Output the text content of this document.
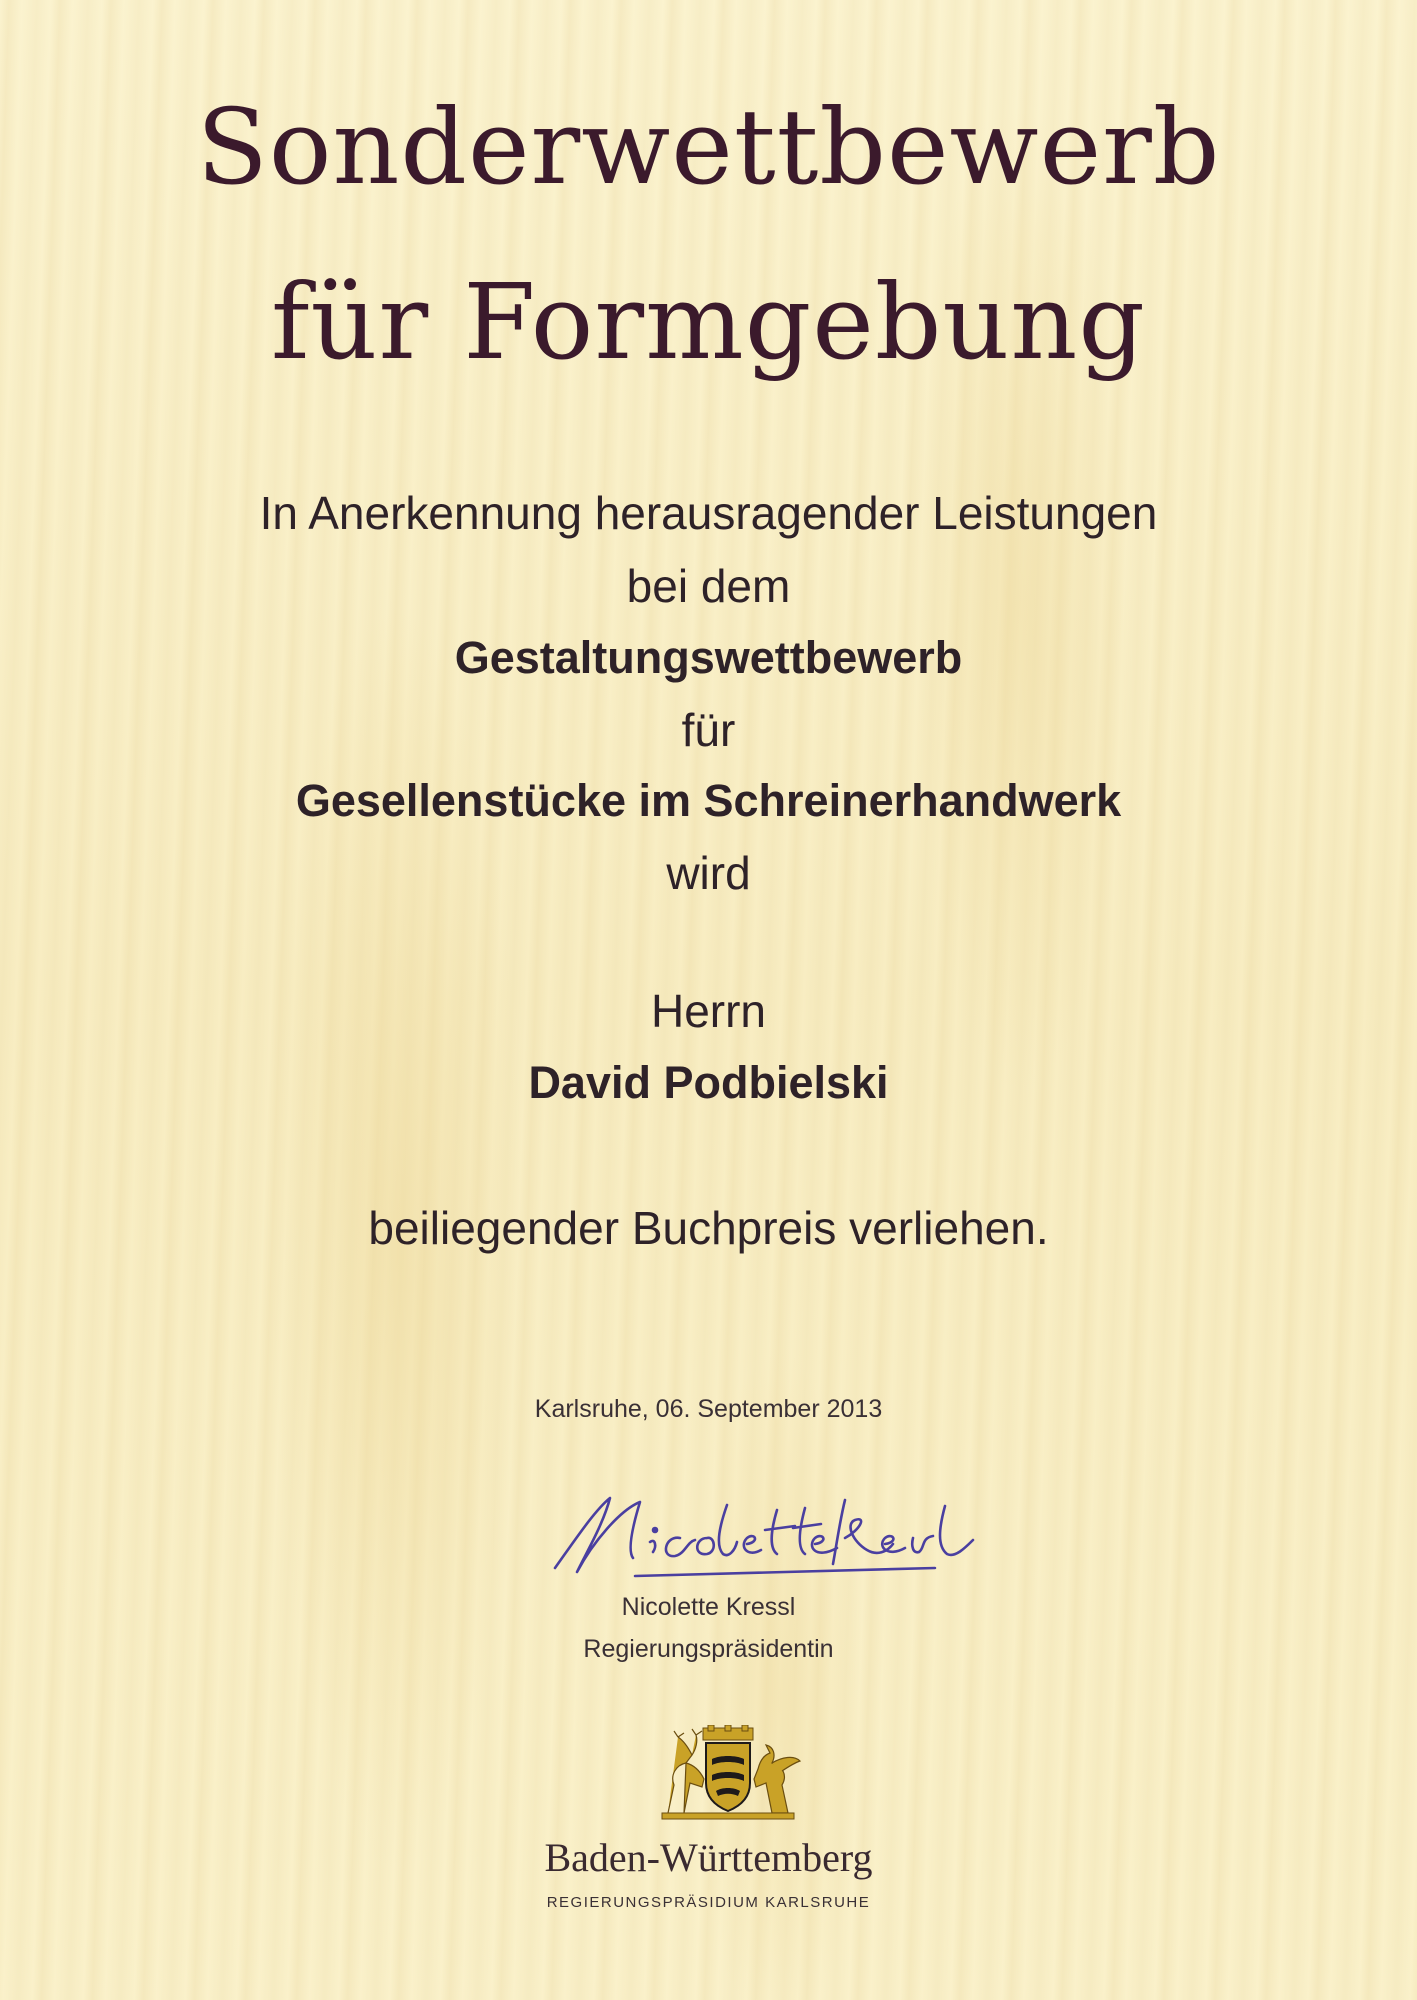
Sonderwettbewerb
für Formgebung
In Anerkennung herausragender Leistungen
bei dem
Gestaltungswettbewerb
für
Gesellenstücke im Schreinerhandwerk
wird
Herrn
David Podbielski
beiliegender Buchpreis verliehen.
Karlsruhe, 06. September 2013
Nicolette Kressl
Regierungspräsidentin
Baden-Württemberg
REGIERUNGSPRÄSIDIUM KARLSRUHE
